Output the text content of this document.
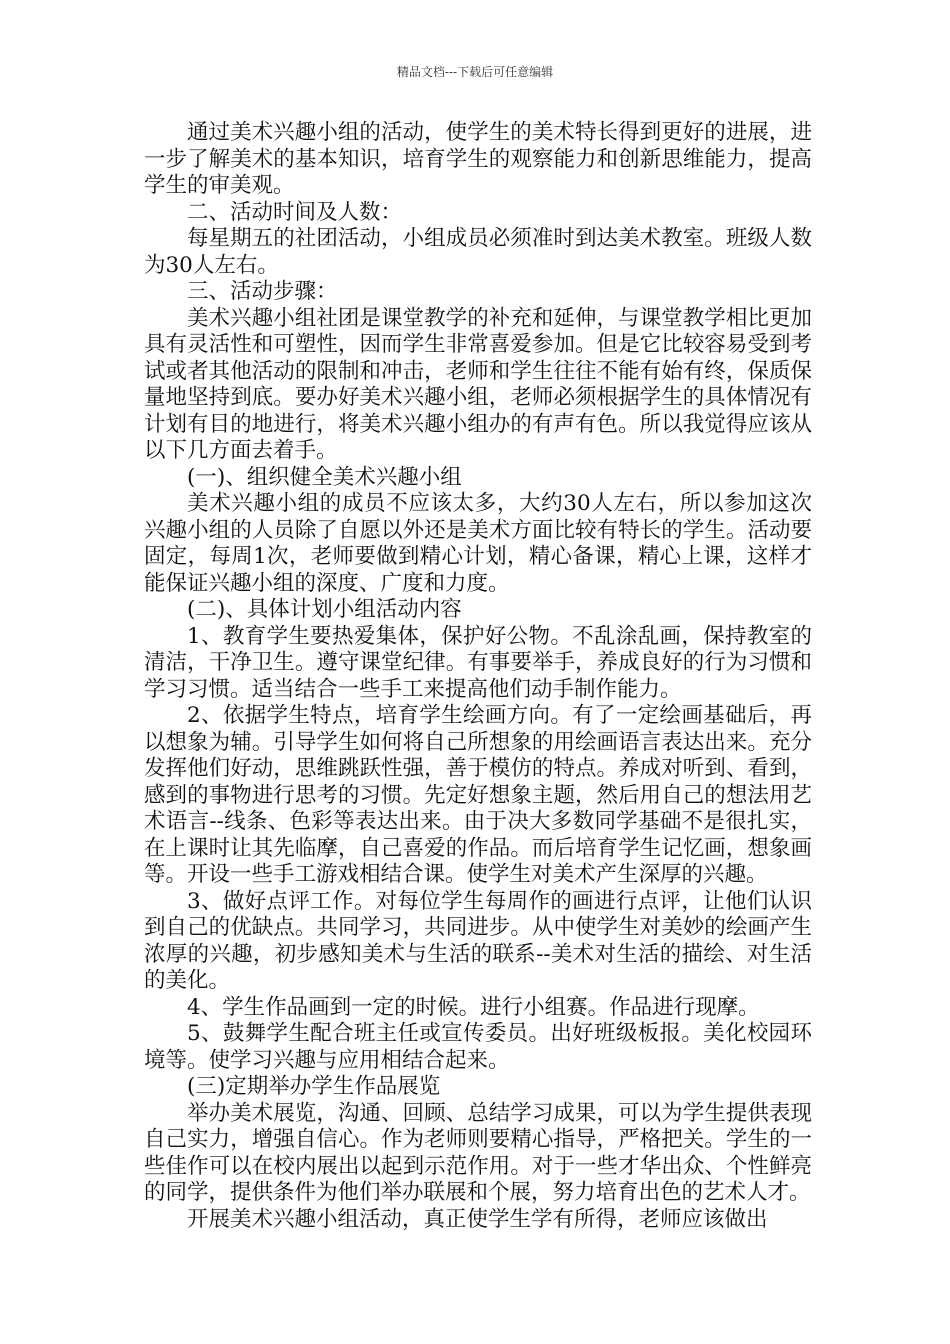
精品文档---下载后可任意编辑

通过美术兴趣小组的活动，使学生的美术特长得到更好的进展，进一步了解美术的基本知识，培育学生的观察能力和创新思维能力，提高学生的审美观。

二、活动时间及人数：

每星期五的社团活动，小组成员必须准时到达美术教室。班级人数为30人左右。

三、活动步骤：

美术兴趣小组社团是课堂教学的补充和延伸，与课堂教学相比更加具有灵活性和可塑性，因而学生非常喜爱参加。但是它比较容易受到考试或者其他活动的限制和冲击，老师和学生往往不能有始有终，保质保量地坚持到底。要办好美术兴趣小组，老师必须根据学生的具体情况有计划有目的地进行，将美术兴趣小组办的有声有色。所以我觉得应该从以下几方面去着手。

(一)、组织健全美术兴趣小组

美术兴趣小组的成员不应该太多，大约30人左右，所以参加这次兴趣小组的人员除了自愿以外还是美术方面比较有特长的学生。活动要固定，每周1次，老师要做到精心计划，精心备课，精心上课，这样才能保证兴趣小组的深度、广度和力度。

(二)、具体计划小组活动内容

1、教育学生要热爱集体，保护好公物。不乱涂乱画，保持教室的清洁，干净卫生。遵守课堂纪律。有事要举手，养成良好的行为习惯和学习习惯。适当结合一些手工来提高他们动手制作能力。

2、依据学生特点，培育学生绘画方向。有了一定绘画基础后，再以想象为辅。引导学生如何将自己所想象的用绘画语言表达出来。充分发挥他们好动，思维跳跃性强，善于模仿的特点。养成对听到、看到，感到的事物进行思考的习惯。先定好想象主题，然后用自己的想法用艺术语言--线条、色彩等表达出来。由于决大多数同学基础不是很扎实，在上课时让其先临摩，自己喜爱的作品。而后培育学生记忆画，想象画等。开设一些手工游戏相结合课。使学生对美术产生深厚的兴趣。

3、做好点评工作。对每位学生每周作的画进行点评，让他们认识到自己的优缺点。共同学习，共同进步。从中使学生对美妙的绘画产生浓厚的兴趣，初步感知美术与生活的联系--美术对生活的描绘、对生活的美化。

4、学生作品画到一定的时候。进行小组赛。作品进行现摩。

5、鼓舞学生配合班主任或宣传委员。出好班级板报。美化校园环境等。使学习兴趣与应用相结合起来。

(三)定期举办学生作品展览

举办美术展览，沟通、回顾、总结学习成果，可以为学生提供表现自己实力，增强自信心。作为老师则要精心指导，严格把关。学生的一些佳作可以在校内展出以起到示范作用。对于一些才华出众、个性鲜亮的同学，提供条件为他们举办联展和个展，努力培育出色的艺术人才。

开展美术兴趣小组活动，真正使学生学有所得，老师应该做出
